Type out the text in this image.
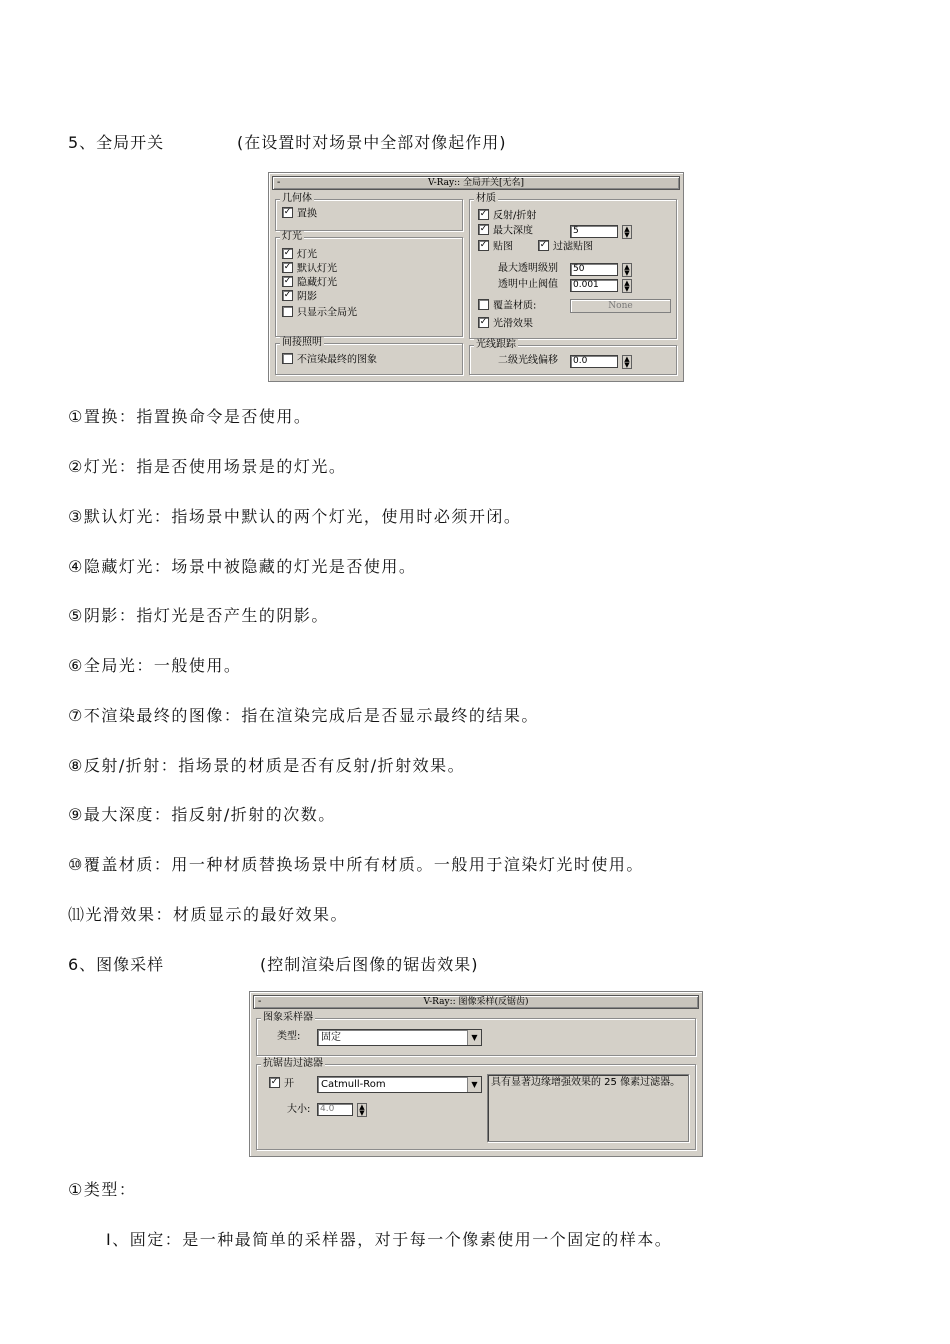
5、全局开关	(在设置时对场景中全部对像起作用)
-	V-Ray:: 全局开关[无名]
几何体
✓ 置换
灯光
✓ 灯光
✓ 默认灯光
✓ 隐藏灯光
✓ 阴影
只显示全局光
间接照明
不渲染最终的图象
材质
✓ 反射/折射
✓ 最大深度	5	▲
▼
✓ 贴图	✓ 过滤贴图
最大透明级别	50	▲
▼
透明中止阀值	0.001	▲
▼
覆盖材质:	None
✓ 光滑效果
光线跟踪
二级光线偏移	0.0	▲
▼
①置换：指置换命令是否使用。
②灯光：指是否使用场景是的灯光。
③默认灯光：指场景中默认的两个灯光，使用时必须开闭。
④隐藏灯光：场景中被隐藏的灯光是否使用。
⑤阴影：指灯光是否产生的阴影。
⑥全局光：一般使用。
⑦不渲染最终的图像：指在渲染完成后是否显示最终的结果。
⑧反射/折射：指场景的材质是否有反射/折射效果。
⑨最大深度：指反射/折射的次数。
⑩覆盖材质：用一种材质替换场景中所有材质。一般用于渲染灯光时使用。
⑾光滑效果：材质显示的最好效果。
6、图像采样	(控制渲染后图像的锯齿效果)
-	V-Ray:: 图像采样(反锯齿)
图象采样器
类型:	固定	▼
抗锯齿过滤器
✓ 开	Catmull-Rom	▼
大小:	4.0	▲
▼
具有显著边缘增强效果的 25 像素过滤器。
①类型：
Ⅰ、固定：是一种最简单的采样器，对于每一个像素使用一个固定的样本。
